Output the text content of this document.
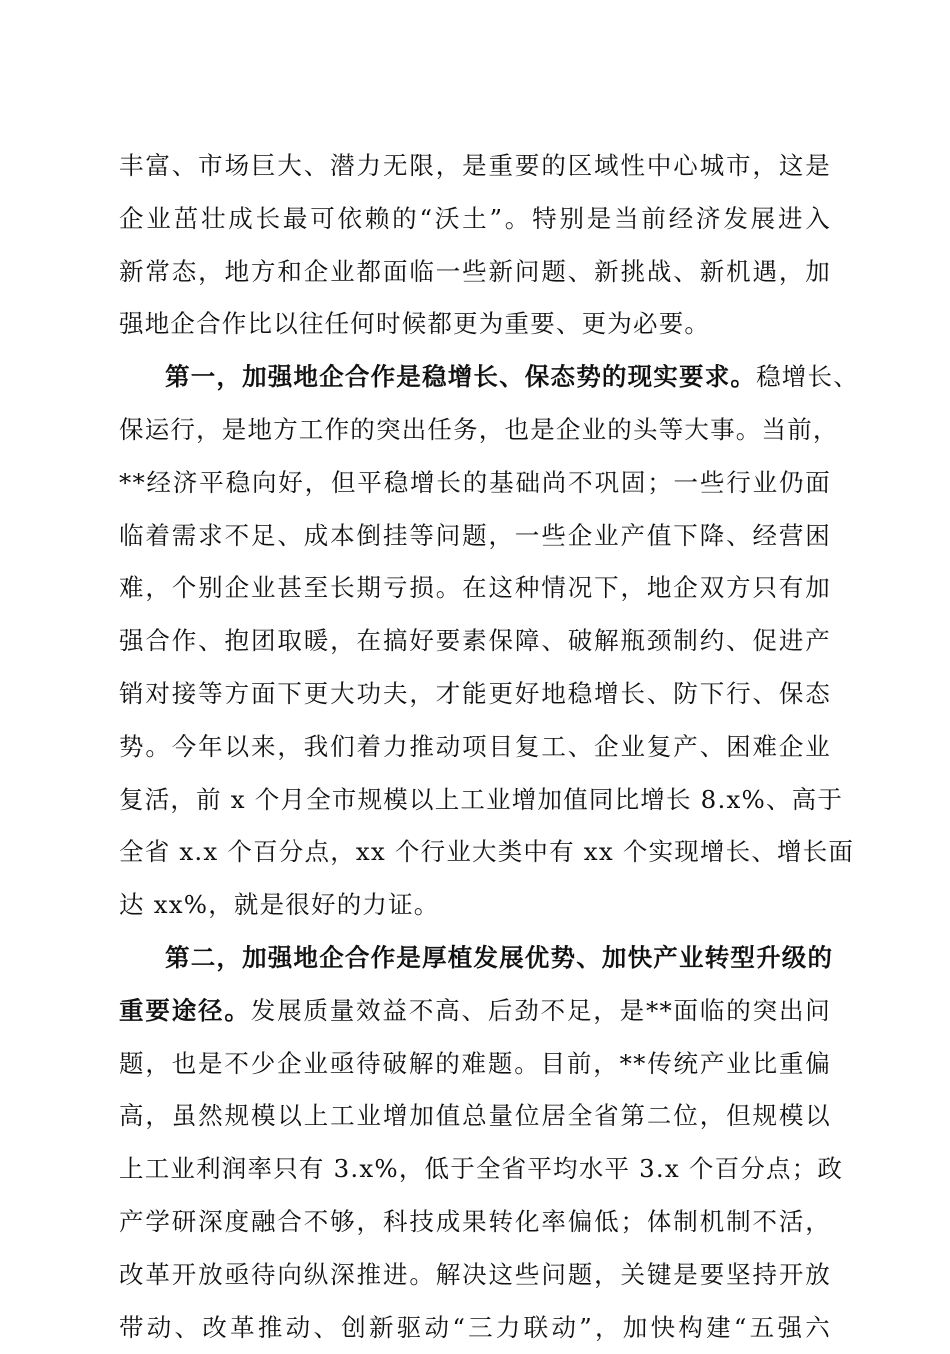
丰富、市场巨大、潜力无限，是重要的区域性中心城市，这是
企业茁壮成长最可依赖的“沃土”。特别是当前经济发展进入
新常态，地方和企业都面临一些新问题、新挑战、新机遇，加
强地企合作比以往任何时候都更为重要、更为必要。
第一，加强地企合作是稳增长、保态势的现实要求。稳增长、
保运行，是地方工作的突出任务，也是企业的头等大事。当前，
**经济平稳向好，但平稳增长的基础尚不巩固；一些行业仍面
临着需求不足、成本倒挂等问题，一些企业产值下降、经营困
难，个别企业甚至长期亏损。在这种情况下，地企双方只有加
强合作、抱团取暖，在搞好要素保障、破解瓶颈制约、促进产
销对接等方面下更大功夫，才能更好地稳增长、防下行、保态
势。今年以来，我们着力推动项目复工、企业复产、困难企业
复活，前 x 个月全市规模以上工业增加值同比增长 8.x%、高于
全省 x.x 个百分点，xx 个行业大类中有 xx 个实现增长、增长面
达 xx%，就是很好的力证。
第二，加强地企合作是厚植发展优势、加快产业转型升级的
重要途径。发展质量效益不高、后劲不足，是**面临的突出问
题，也是不少企业亟待破解的难题。目前，**传统产业比重偏
高，虽然规模以上工业增加值总量位居全省第二位，但规模以
上工业利润率只有 3.x%，低于全省平均水平 3.x 个百分点；政
产学研深度融合不够，科技成果转化率偏低；体制机制不活，
改革开放亟待向纵深推进。解决这些问题，关键是要坚持开放
带动、改革推动、创新驱动“三力联动”，加快构建“五强六
